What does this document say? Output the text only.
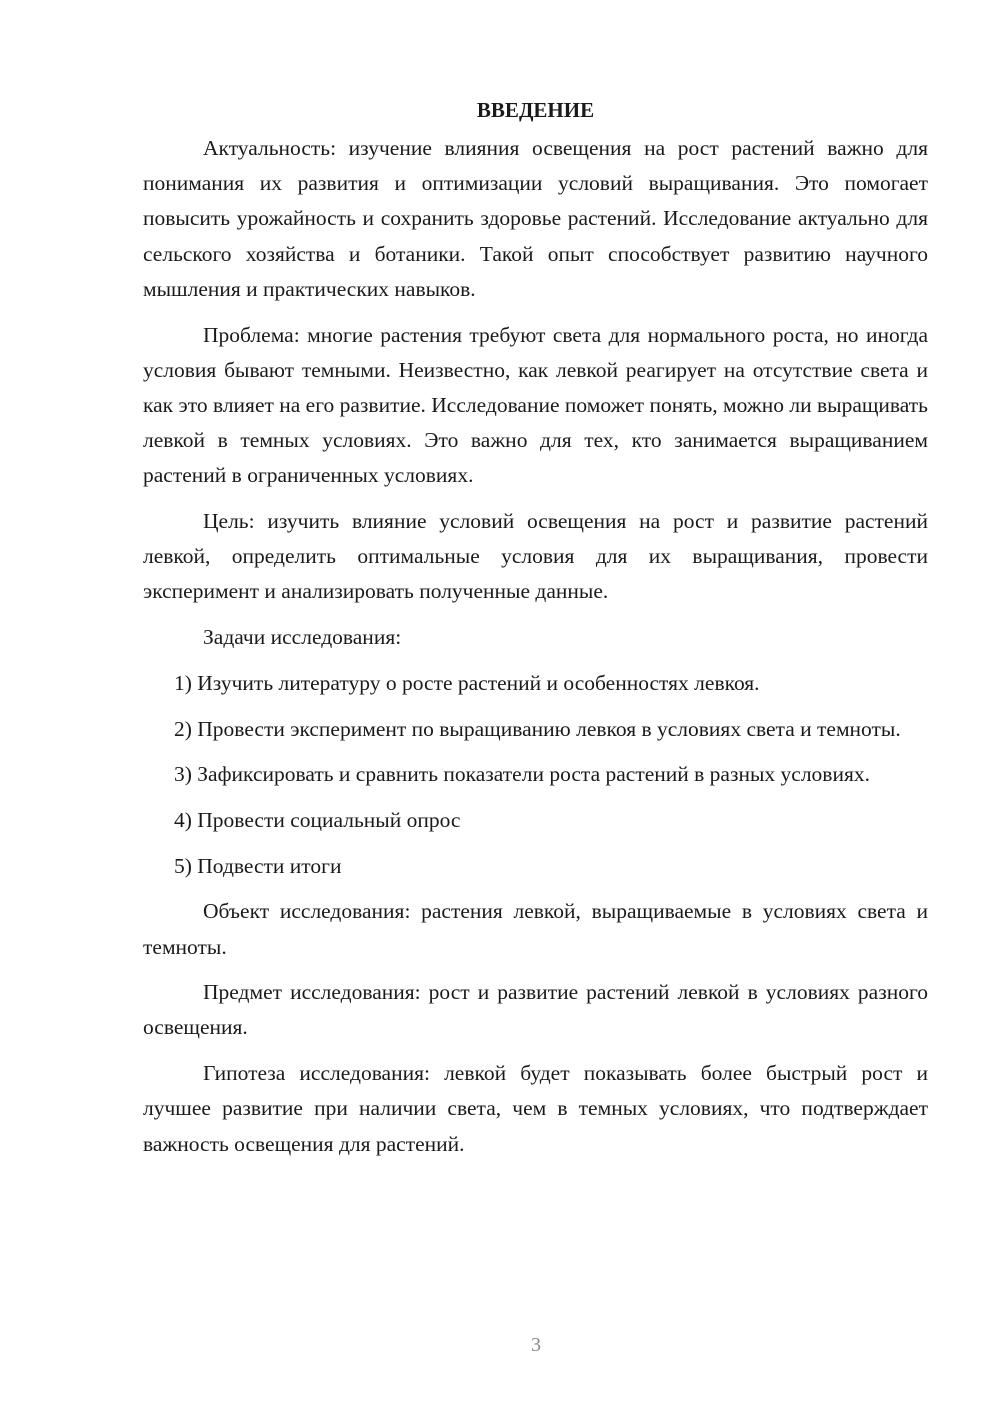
ВВЕДЕНИЕ

Актуальность: изучение влияния освещения на рост растений важно для понимания их развития и оптимизации условий выращивания. Это помогает повысить урожайность и сохранить здоровье растений. Исследование актуально для сельского хозяйства и ботаники. Такой опыт способствует развитию научного мышления и практических навыков.

Проблема: многие растения требуют света для нормального роста, но иногда условия бывают темными. Неизвестно, как левкой реагирует на отсутствие света и как это влияет на его развитие. Исследование поможет понять, можно ли выращивать левкой в темных условиях. Это важно для тех, кто занимается выращиванием растений в ограниченных условиях.

Цель: изучить влияние условий освещения на рост и развитие растений левкой, определить оптимальные условия для их выращивания, провести эксперимент и анализировать полученные данные.

Задачи исследования:

1) Изучить литературу о росте растений и особенностях левкоя.

2) Провести эксперимент по выращиванию левкоя в условиях света и темноты.

3) Зафиксировать и сравнить показатели роста растений в разных условиях.

4) Провести социальный опрос

5) Подвести итоги

Объект исследования: растения левкой, выращиваемые в условиях света и темноты.

Предмет исследования: рост и развитие растений левкой в условиях разного освещения.

Гипотеза исследования: левкой будет показывать более быстрый рост и лучшее развитие при наличии света, чем в темных условиях, что подтверждает важность освещения для растений.

3
